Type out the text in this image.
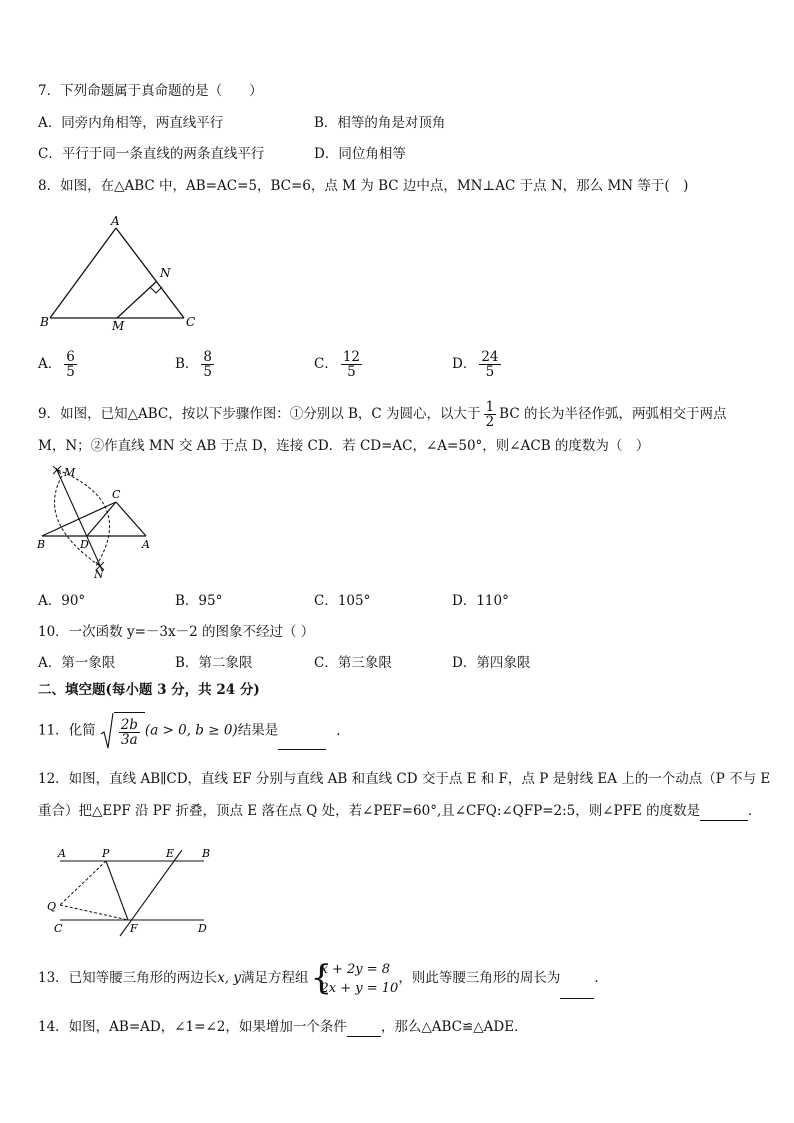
7．下列命题属于真命题的是（　　）
A．同旁内角相等，两直线平行	B．相等的角是对顶角
C．平行于同一条直线的两条直线平行	D．同位角相等
8．如图，在△ABC 中，AB=AC=5，BC=6，点 M 为 BC 边中点，MN⊥AC 于点 N，那么 MN 等于(　)
A
N
B	M	C
A． $\frac{6}{5}$	B． $\frac{8}{5}$	C． $\frac{12}{5}$	D． $\frac{24}{5}$
9．如图，已知△ABC，按以下步骤作图：①分别以 B，C 为圆心，以大于 $\frac{1}{2}$ BC 的长为半径作弧，两弧相交于两点
M，N；②作直线 MN 交 AB 于点 D，连接 CD．若 CD=AC，∠A=50°，则∠ACB 的度数为（　）
M
C
B	D	A
N
A．90°	B．95°	C．105°	D．110°
10．一次函数 y=－3x－2 的图象不经过（ ）
A．第一象限	B．第二象限	C．第三象限	D．第四象限
二、填空题(每小题 3 分，共 24 分)
11．化简 $\frac{2b}{3a} (a > 0$, b ≥ 0)结果是	．
12．如图，直线 AB∥CD，直线 EF 分别与直线 AB 和直线 CD 交于点 E 和 F，点 P 是射线 EA 上的一个动点（P 不与 E
重合）把△EPF 沿 PF 折叠，顶点 E 落在点 Q 处，若∠PEF=60°,且∠CFQ:∠QFP=2:5，则∠PFE 的度数是	．
A	P	E	B
Q
C	F	D
13．已知等腰三角形的两边长x, y满足方程组 {
x + 2y = 8
2x + y = 10
，则此等腰三角形的周长为	．
14．如图，AB=AD，∠1=∠2，如果增加一个条件	，那么△ABC≌△ADE．
